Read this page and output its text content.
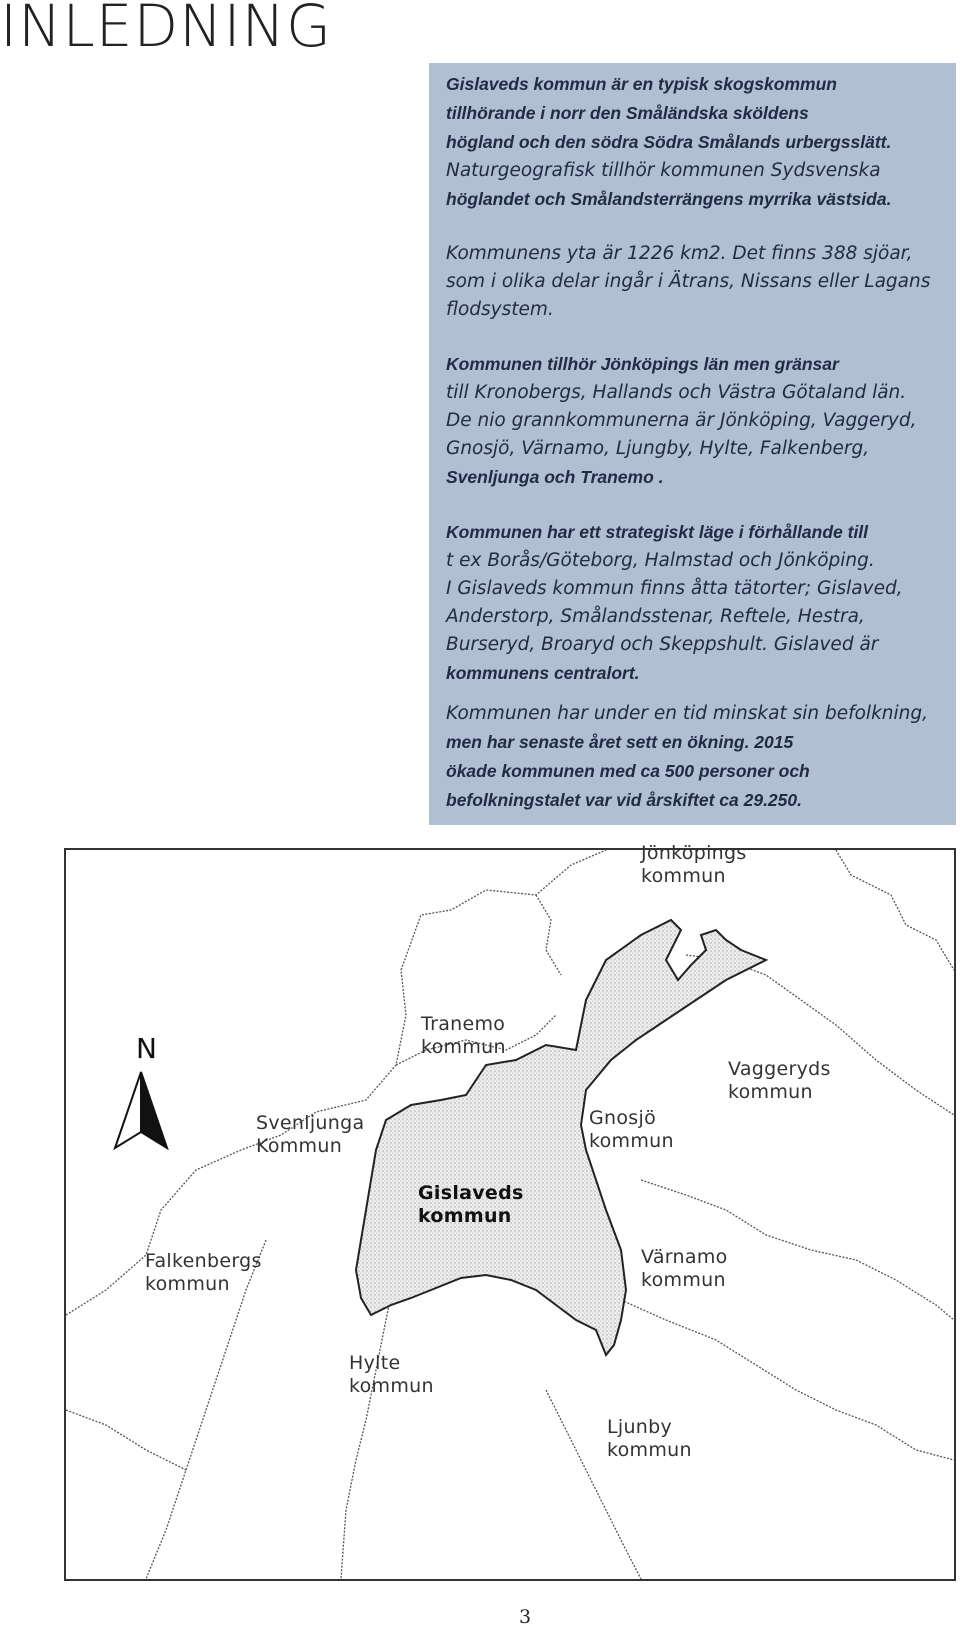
INLEDNING

Gislaveds kommun är en typisk skogskommun
tillhörande i norr den Småländska sköldens
högland och den södra Södra Smålands urbergsslätt.
Naturgeografisk tillhör kommunen Sydsvenska
höglandet och Smålandsterrängens myrrika västsida.

Kommunens yta är 1226 km2. Det finns 388 sjöar,
som i olika delar ingår i Ätrans, Nissans eller Lagans
flodsystem.

Kommunen tillhör Jönköpings län men gränsar
till Kronobergs, Hallands och Västra Götaland län.
De nio grannkommunerna är Jönköping, Vaggeryd,
Gnosjö, Värnamo, Ljungby, Hylte, Falkenberg,
Svenljunga och Tranemo .

Kommunen har ett strategiskt läge i förhållande till
t ex Borås/Göteborg, Halmstad och Jönköping.
I Gislaveds kommun finns åtta tätorter; Gislaved,
Anderstorp, Smålandsstenar, Reftele, Hestra,
Burseryd, Broaryd och Skeppshult. Gislaved är
kommunens centralort.

Kommunen har under en tid minskat sin befolkning,
men har senaste året sett en ökning. 2015
ökade kommunen med ca 500 personer och
befolkningstalet var vid årskiftet ca 29.250.

N
Jönköpings
kommun
Tranemo
kommun
Vaggeryds
kommun
Svenljunga
Kommun
Gnosjö
kommun
Gislaveds
kommun
Falkenbergs
kommun
Värnamo
kommun
Hylte
kommun
Ljunby
kommun
3
